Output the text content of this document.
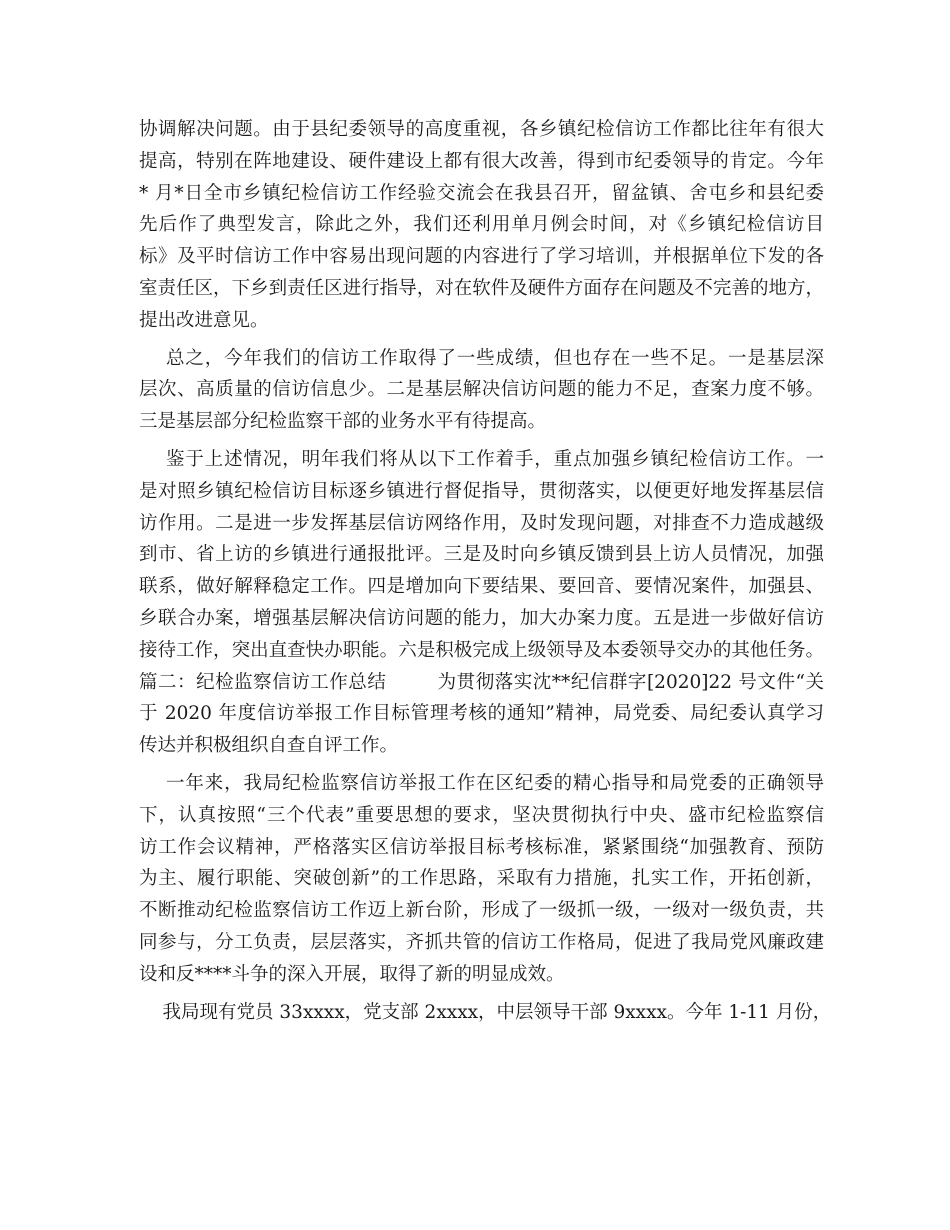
协调解决问题。由于县纪委领导的高度重视，各乡镇纪检信访工作都比往年有很大
提高，特别在阵地建设、硬件建设上都有很大改善，得到市纪委领导的肯定。今年
* 月*日全市乡镇纪检信访工作经验交流会在我县召开，留盆镇、舍屯乡和县纪委
先后作了典型发言，除此之外，我们还利用单月例会时间，对《乡镇纪检信访目
标》及平时信访工作中容易出现问题的内容进行了学习培训，并根据单位下发的各
室责任区，下乡到责任区进行指导，对在软件及硬件方面存在问题及不完善的地方，
提出改进意见。
总之，今年我们的信访工作取得了一些成绩，但也存在一些不足。一是基层深
层次、高质量的信访信息少。二是基层解决信访问题的能力不足，查案力度不够。
三是基层部分纪检监察干部的业务水平有待提高。
鉴于上述情况，明年我们将从以下工作着手，重点加强乡镇纪检信访工作。一
是对照乡镇纪检信访目标逐乡镇进行督促指导，贯彻落实，以便更好地发挥基层信
访作用。二是进一步发挥基层信访网络作用，及时发现问题，对排查不力造成越级
到市、省上访的乡镇进行通报批评。三是及时向乡镇反馈到县上访人员情况，加强
联系，做好解释稳定工作。四是增加向下要结果、要回音、要情况案件，加强县、
乡联合办案，增强基层解决信访问题的能力，加大办案力度。五是进一步做好信访
接待工作，突出直查快办职能。六是积极完成上级领导及本委领导交办的其他任务。
篇二：纪检监察信访工作总结        为贯彻落实沈**纪信群字[2020]22 号文件“关
于 2020 年度信访举报工作目标管理考核的通知”精神，局党委、局纪委认真学习
传达并积极组织自查自评工作。
一年来，我局纪检监察信访举报工作在区纪委的精心指导和局党委的正确领导
下，认真按照“三个代表”重要思想的要求，坚决贯彻执行中央、盛市纪检监察信
访工作会议精神，严格落实区信访举报目标考核标准，紧紧围绕“加强教育、预防
为主、履行职能、突破创新”的工作思路，采取有力措施，扎实工作，开拓创新，
不断推动纪检监察信访工作迈上新台阶，形成了一级抓一级，一级对一级负责，共
同参与，分工负责，层层落实，齐抓共管的信访工作格局，促进了我局党风廉政建
设和反****斗争的深入开展，取得了新的明显成效。
我局现有党员 33xxxx，党支部 2xxxx，中层领导干部 9xxxx。今年 1-11 月份，
